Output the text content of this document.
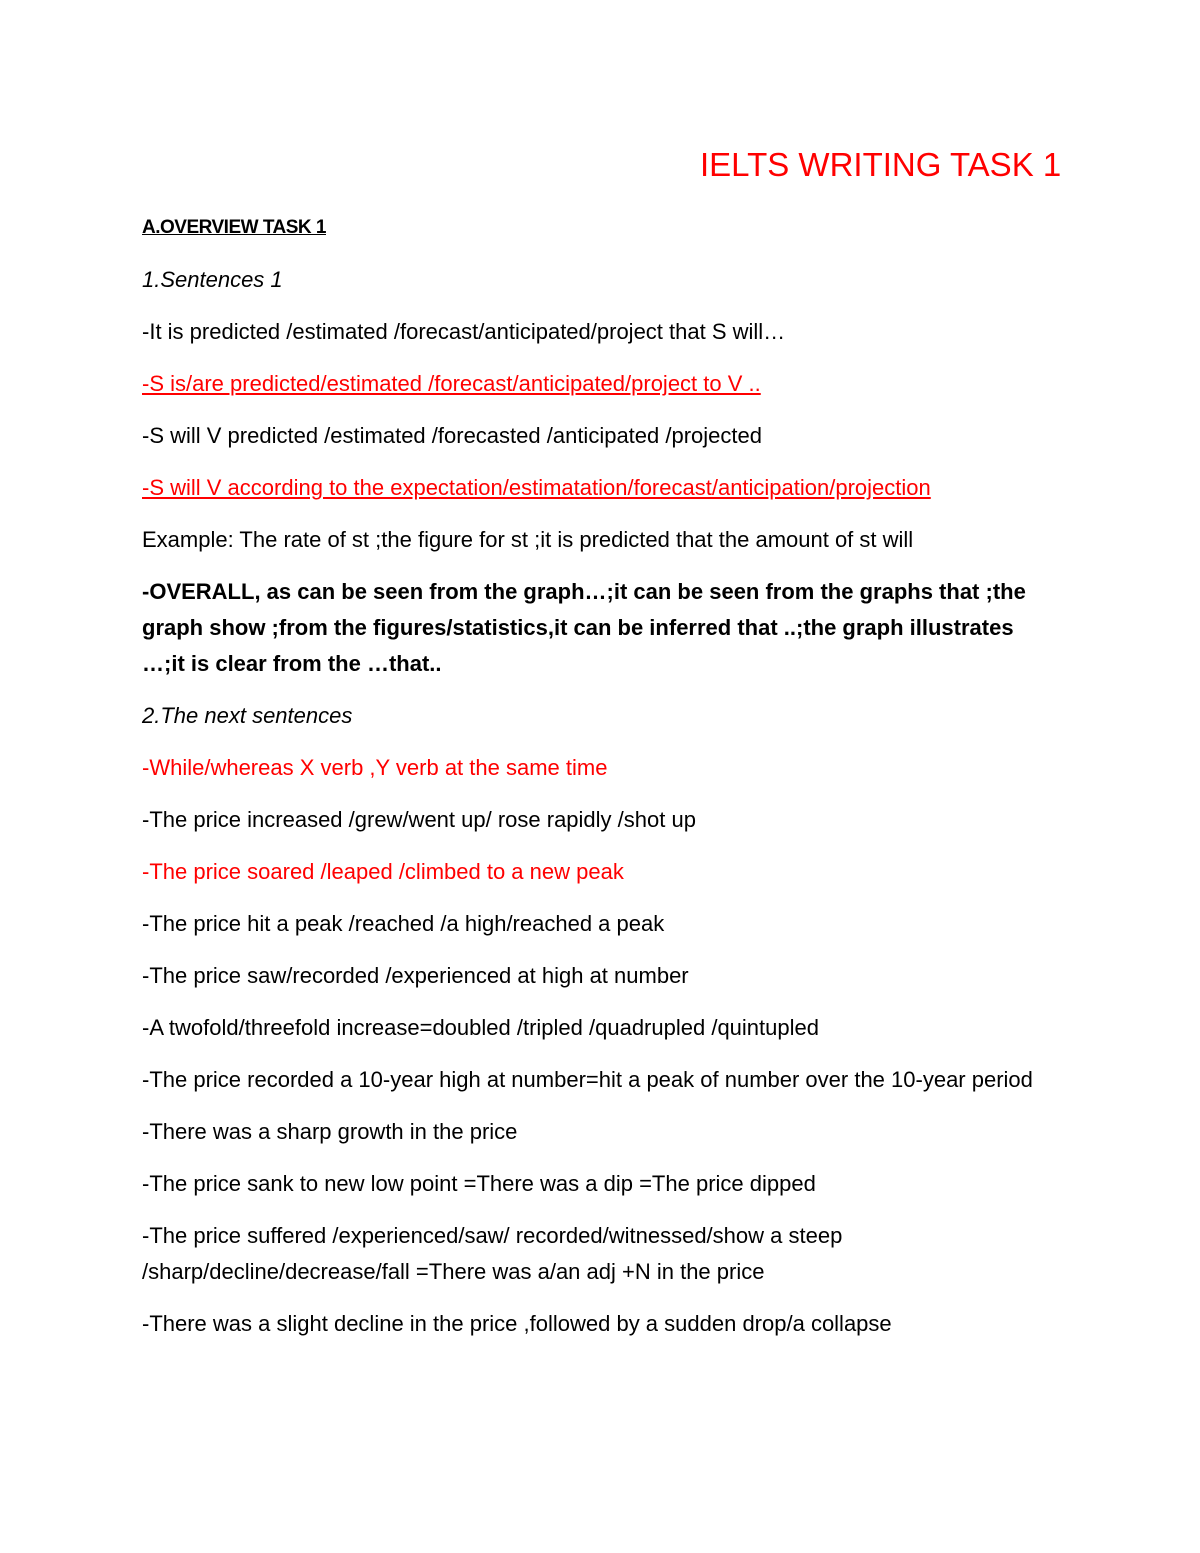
IELTS WRITING TASK 1

A.OVERVIEW TASK 1

1.Sentences 1

-It is predicted /estimated /forecast/anticipated/project that S will…

-S is/are predicted/estimated /forecast/anticipated/project to V ..

-S will V predicted /estimated /forecasted /anticipated /projected

-S will V according to the expectation/estimatation/forecast/anticipation/projection

Example: The rate of st ;the figure for st ;it is predicted that the amount of st will

-OVERALL, as can be seen from the graph…;it can be seen from the graphs that ;the graph show ;from the figures/statistics,it can be inferred that ..;the graph illustrates …;it is clear from the …that..

2.The next sentences

-While/whereas X verb ,Y verb at the same time

-The price increased /grew/went up/ rose rapidly /shot up

-The price soared /leaped /climbed to a new peak

-The price hit a peak /reached /a high/reached a peak

-The price saw/recorded /experienced at high at number

-A twofold/threefold increase=doubled /tripled /quadrupled /quintupled

-The price recorded a 10-year high at number=hit a peak of number over the 10-year period

-There was a sharp growth in the price

-The price sank to new low point =There was a dip =The price dipped

-The price suffered /experienced/saw/ recorded/witnessed/show a steep /sharp/decline/decrease/fall =There was a/an adj +N in the price

-There was a slight decline in the price ,followed by a sudden drop/a collapse
